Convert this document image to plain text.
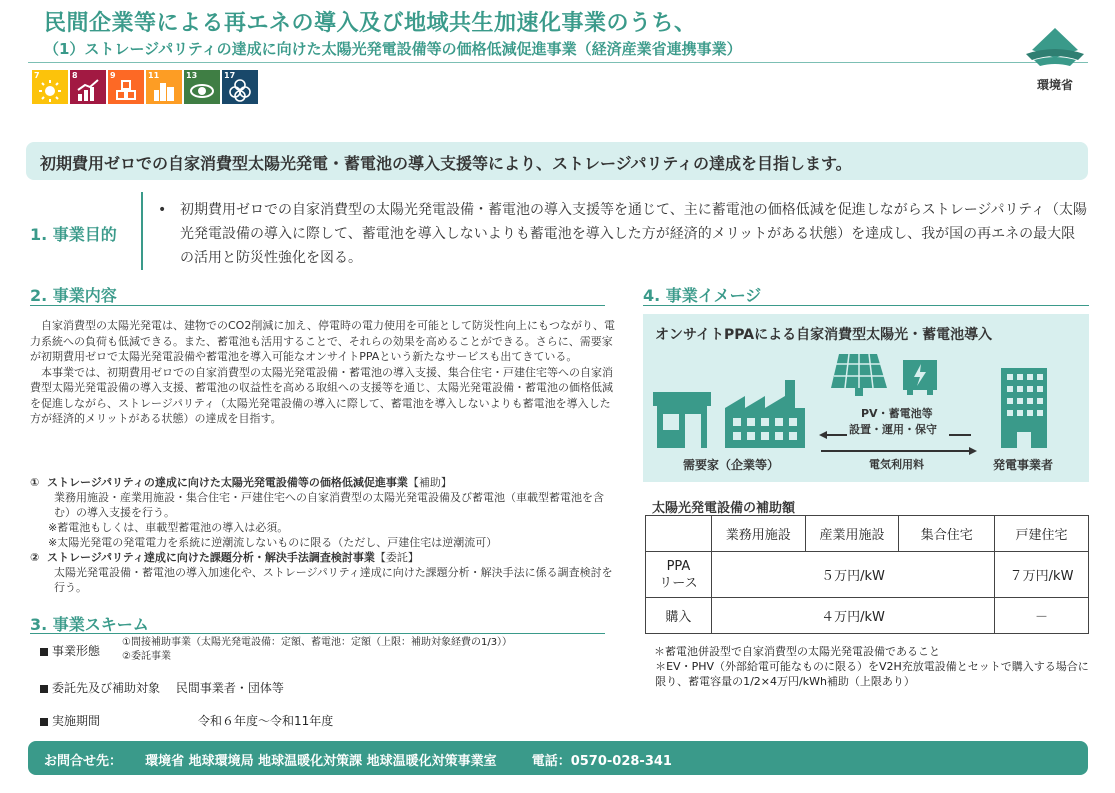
民間企業等による再エネの導入及び地域共生加速化事業のうち、
（1）ストレージパリティの達成に向けた太陽光発電設備等の価格低減促進事業（経済産業省連携事業）
7	8	9	11	13	17
環境省
初期費用ゼロでの自家消費型太陽光発電・蓄電池の導入支援等により、ストレージパリティの達成を目指します。
1. 事業目的
• 初期費用ゼロでの自家消費型の太陽光発電設備・蓄電池の導入支援等を通じて、主に蓄電池の価格低減を促進しながらストレージパリティ（太陽光発電設備の導入に際して、蓄電池を導入しないよりも蓄電池を導入した方が経済的メリットがある状態）を達成し、我が国の再エネの最大限の活用と防災性強化を図る。
2. 事業内容

自家消費型の太陽光発電は、建物でのCO2削減に加え、停電時の電力使用を可能として防災性向上にもつながり、電力系統への負荷も低減できる。また、蓄電池も活用することで、それらの効果を高めることができる。さらに、需要家が初期費用ゼロで太陽光発電設備や蓄電池を導入可能なオンサイトPPAという新たなサービスも出てきている。

本事業では、初期費用ゼロでの自家消費型の太陽光発電設備・蓄電池の導入支援、集合住宅・戸建住宅等への自家消費型太陽光発電設備の導入支援、蓄電池の収益性を高める取組への支援等を通じ、太陽光発電設備・蓄電池の価格低減を促進しながら、ストレージパリティ（太陽光発電設備の導入に際して、蓄電池を導入しないよりも蓄電池を導入した方が経済的メリットがある状態）の達成を目指す。

① ストレージパリティの達成に向けた太陽光発電設備等の価格低減促進事業【補助】
業務用施設・産業用施設・集合住宅・戸建住宅への自家消費型の太陽光発電設備及び蓄電池（車載型蓄電池を含む）の導入支援を行う。
※蓄電池もしくは、車載型蓄電池の導入は必須。
※太陽光発電の発電電力を系統に逆潮流しないものに限る（ただし、戸建住宅は逆潮流可）
② ストレージパリティ達成に向けた課題分析・解決手法調査検討事業【委託】
太陽光発電設備・蓄電池の導入加速化や、ストレージパリティ達成に向けた課題分析・解決手法に係る調査検討を行う。
3. 事業スキーム
事業形態
①間接補助事業（太陽光発電設備：定額、蓄電池：定額（上限：補助対象経費の1/3））
②委託事業
委託先及び補助対象 民間事業者・団体等
実施期間	令和６年度～令和11年度
4. 事業イメージ
オンサイトPPAによる自家消費型太陽光・蓄電池導入
PV・蓄電池等
設置・運用・保守
電気利用料
需要家（企業等）	発電事業者
太陽光発電設備の補助額
	業務用施設	産業用施設	集合住宅	戸建住宅

PPA
リース	５万円/kW			７万円/kW
購入	４万円/kW			－
＊蓄電池併設型で自家消費型の太陽光発電設備であること
＊EV・PHV（外部給電可能なものに限る）をV2H充放電設備とセットで購入する場合に限り、蓄電容量の1/2×4万円/kWh補助（上限あり）
お問合せ先： 環境省 地球環境局 地球温暖化対策課 地球温暖化対策事業室	電話：0570-028-341
